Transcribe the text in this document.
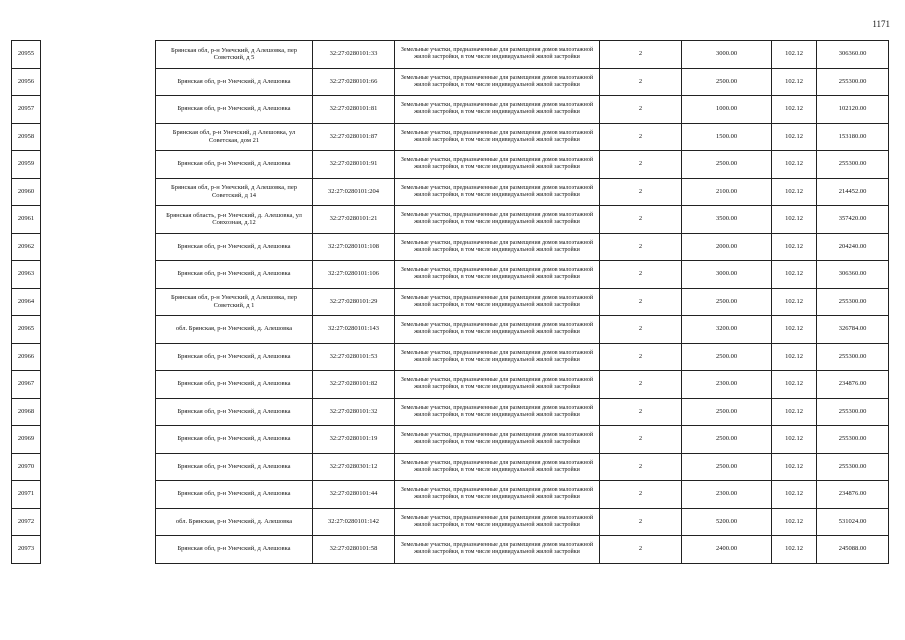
1171
20955		Брянская обл, р-н Унечский, д Алешовка, пер Советский, д 5	32:27:0280101:33	Земельные участки, предназначенные для размещения домов малоэтажной жилой застройки, в том числе индивидуальной жилой застройки	2	3000.00	102.12	306360.00
20956		Брянская обл, р-н Унечский, д Алешовка	32:27:0280101:66	Земельные участки, предназначенные для размещения домов малоэтажной жилой застройки, в том числе индивидуальной жилой застройки	2	2500.00	102.12	255300.00
20957		Брянская обл, р-н Унечский, д Алешовка	32:27:0280101:81	Земельные участки, предназначенные для размещения домов малоэтажной жилой застройки, в том числе индивидуальной жилой застройки	2	1000.00	102.12	102120.00
20958		Брянская обл, р-н Унечский, д Алешовка, ул Советская, дом 21	32:27:0280101:87	Земельные участки, предназначенные для размещения домов малоэтажной жилой застройки, в том числе индивидуальной жилой застройки	2	1500.00	102.12	153180.00
20959		Брянская обл, р-н Унечский, д Алешовка	32:27:0280101:91	Земельные участки, предназначенные для размещения домов малоэтажной жилой застройки, в том числе индивидуальной жилой застройки	2	2500.00	102.12	255300.00
20960		Брянская обл, р-н Унечский, д Алешовка, пер Советский, д 14	32:27:0280101:204	Земельные участки, предназначенные для размещения домов малоэтажной жилой застройки, в том числе индивидуальной жилой застройки	2	2100.00	102.12	214452.00
20961		Брянская область, р-н Унечский, д. Алешовка, ул Совхозная, д.12	32:27:0280101:21	Земельные участки, предназначенные для размещения домов малоэтажной жилой застройки, в том числе индивидуальной жилой застройки	2	3500.00	102.12	357420.00
20962		Брянская обл, р-н Унечский, д Алешовка	32:27:0280101:108	Земельные участки, предназначенные для размещения домов малоэтажной жилой застройки, в том числе индивидуальной жилой застройки	2	2000.00	102.12	204240.00
20963		Брянская обл, р-н Унечский, д Алешовка	32:27:0280101:106	Земельные участки, предназначенные для размещения домов малоэтажной жилой застройки, в том числе индивидуальной жилой застройки	2	3000.00	102.12	306360.00
20964		Брянская обл, р-н Унечский, д Алешовка, пер Советский, д 1	32:27:0280101:29	Земельные участки, предназначенные для размещения домов малоэтажной жилой застройки, в том числе индивидуальной жилой застройки	2	2500.00	102.12	255300.00
20965		обл. Брянская, р-н Унечский, д. Алешовка	32:27:0280101:143	Земельные участки, предназначенные для размещения домов малоэтажной жилой застройки, в том числе индивидуальной жилой застройки	2	3200.00	102.12	326784.00
20966		Брянская обл, р-н Унечский, д Алешовка	32:27:0280101:53	Земельные участки, предназначенные для размещения домов малоэтажной жилой застройки, в том числе индивидуальной жилой застройки	2	2500.00	102.12	255300.00
20967		Брянская обл, р-н Унечский, д Алешовка	32:27:0280101:82	Земельные участки, предназначенные для размещения домов малоэтажной жилой застройки, в том числе индивидуальной жилой застройки	2	2300.00	102.12	234876.00
20968		Брянская обл, р-н Унечский, д Алешовка	32:27:0280101:32	Земельные участки, предназначенные для размещения домов малоэтажной жилой застройки, в том числе индивидуальной жилой застройки	2	2500.00	102.12	255300.00
20969		Брянская обл, р-н Унечский, д Алешовка	32:27:0280101:19	Земельные участки, предназначенные для размещения домов малоэтажной жилой застройки, в том числе индивидуальной жилой застройки	2	2500.00	102.12	255300.00
20970		Брянская обл, р-н Унечский, д Алешовка	32:27:0280301:12	Земельные участки, предназначенные для размещения домов малоэтажной жилой застройки, в том числе индивидуальной жилой застройки	2	2500.00	102.12	255300.00
20971		Брянская обл, р-н Унечский, д Алешовка	32:27:0280101:44	Земельные участки, предназначенные для размещения домов малоэтажной жилой застройки, в том числе индивидуальной жилой застройки	2	2300.00	102.12	234876.00
20972		обл. Брянская, р-н Унечский, д. Алешовка	32:27:0280101:142	Земельные участки, предназначенные для размещения домов малоэтажной жилой застройки, в том числе индивидуальной жилой застройки	2	5200.00	102.12	531024.00
20973		Брянская обл, р-н Унечский, д Алешовка	32:27:0280101:58	Земельные участки, предназначенные для размещения домов малоэтажной жилой застройки, в том числе индивидуальной жилой застройки	2	2400.00	102.12	245088.00
